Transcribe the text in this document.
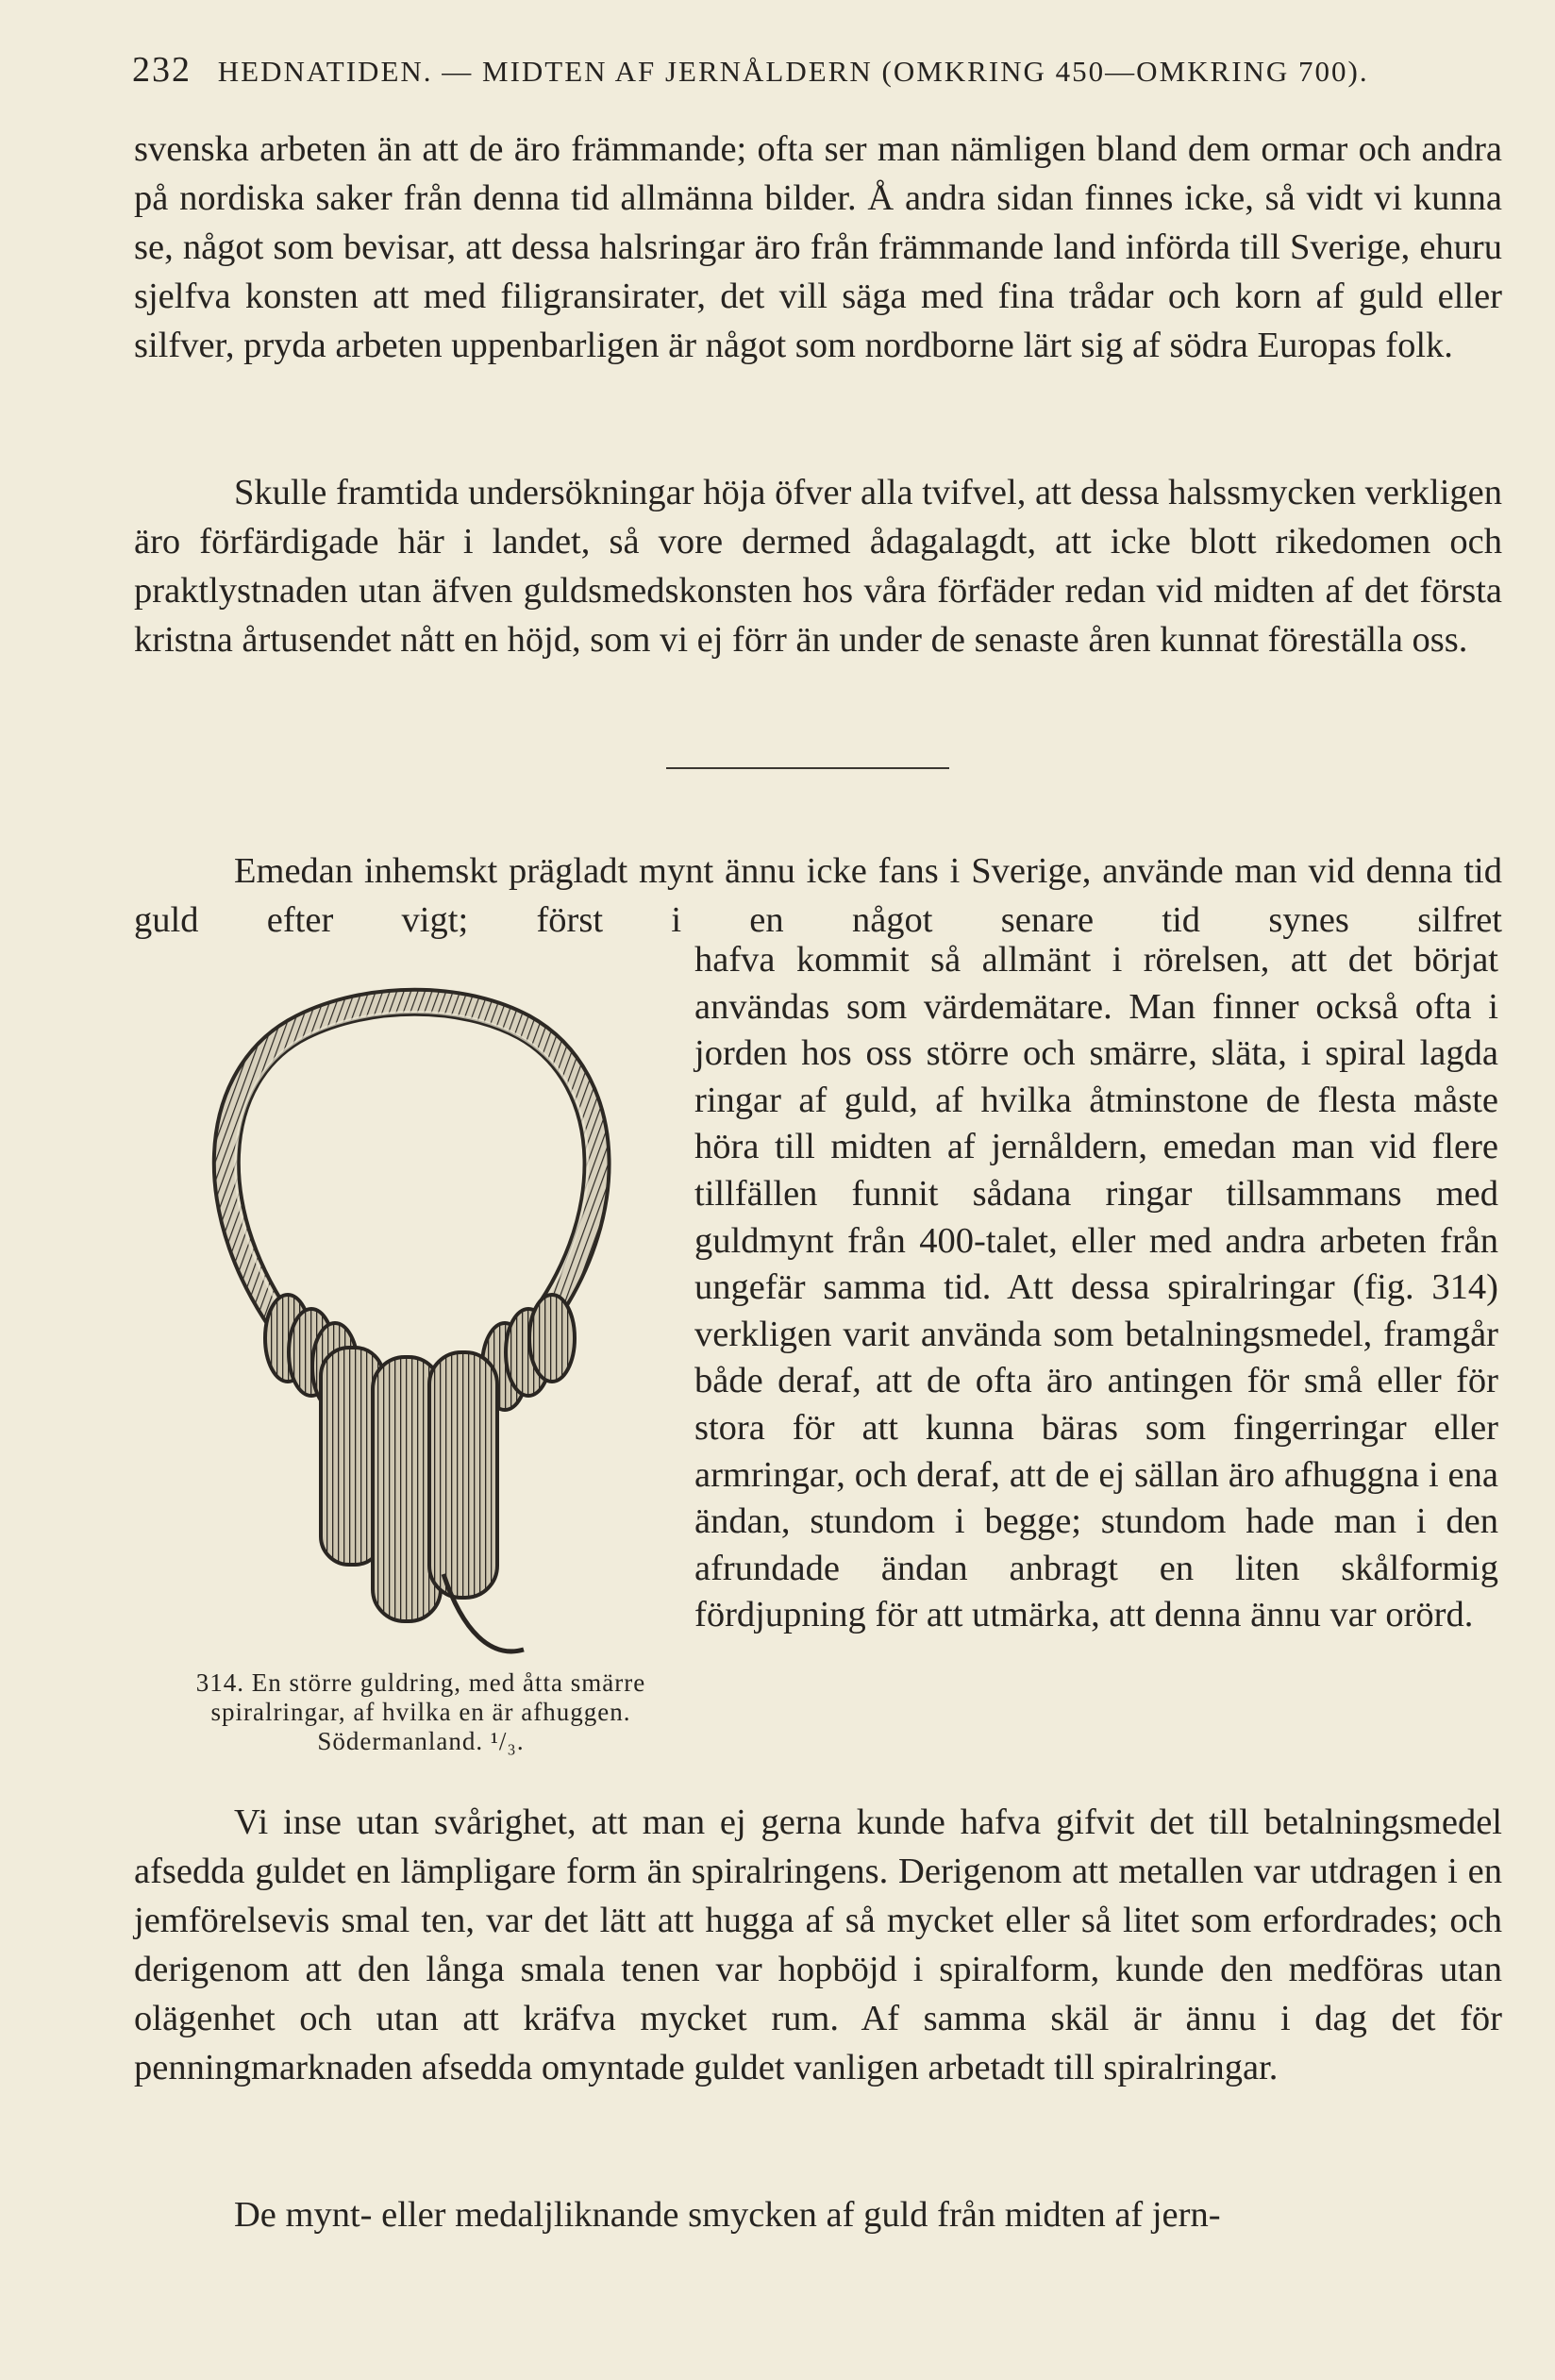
232 HEDNATIDEN. — MIDTEN AF JERNÅLDERN (OMKRING 450—OMKRING 700).

svenska arbeten än att de äro främmande; ofta ser man nämligen bland dem ormar och andra på nordiska saker från denna tid allmänna bilder. Å andra sidan finnes icke, så vidt vi kunna se, något som bevisar, att dessa halsringar äro från främmande land införda till Sverige, ehuru sjelfva konsten att med filigransirater, det vill säga med fina trådar och korn af guld eller silfver, pryda arbeten uppenbarligen är något som nordborne lärt sig af södra Europas folk.

Skulle framtida undersökningar höja öfver alla tvifvel, att dessa halssmycken verkligen äro förfärdigade här i landet, så vore dermed ådagalagdt, att icke blott rikedomen och praktlystnaden utan äfven guldsmedskonsten hos våra förfäder redan vid midten af det första kristna årtusendet nått en höjd, som vi ej förr än under de senaste åren kunnat föreställa oss.

Emedan inhemskt prägladt mynt ännu icke fans i Sverige, använde man vid denna tid guld efter vigt; först i en något senare tid synes silfret

hafva kommit så allmänt i rörelsen, att det börjat användas som värdemätare. Man finner också ofta i jorden hos oss större och smärre, släta, i spiral lagda ringar af guld, af hvilka åtminstone de flesta måste höra till midten af jernåldern, emedan man vid flere tillfällen funnit sådana ringar tillsammans med guldmynt från 400-talet, eller med andra arbeten från ungefär samma tid. Att dessa spiralringar (fig. 314) verkligen varit använda som betalningsmedel, framgår både deraf, att de ofta äro antingen för små eller för stora för att kunna bäras som fingerringar eller armringar, och deraf, att de ej sällan äro afhuggna i ena ändan, stundom i begge; stundom hade man i den afrundade ändan anbragt en liten skålformig fördjupning för att utmärka, att denna ännu var orörd.

314. En större guldring, med åtta smärre spiralringar, af hvilka en är afhuggen. Södermanland. ¹/₃.

Vi inse utan svårighet, att man ej gerna kunde hafva gifvit det till betalningsmedel afsedda guldet en lämpligare form än spiralringens. Derigenom att metallen var utdragen i en jemförelsevis smal ten, var det lätt att hugga af så mycket eller så litet som erfordrades; och derigenom att den långa smala tenen var hopböjd i spiralform, kunde den medföras utan olägenhet och utan att kräfva mycket rum. Af samma skäl är ännu i dag det för penningmarknaden afsedda omyntade guldet vanligen arbetadt till spiralringar.

De mynt- eller medaljliknande smycken af guld från midten af jern-
